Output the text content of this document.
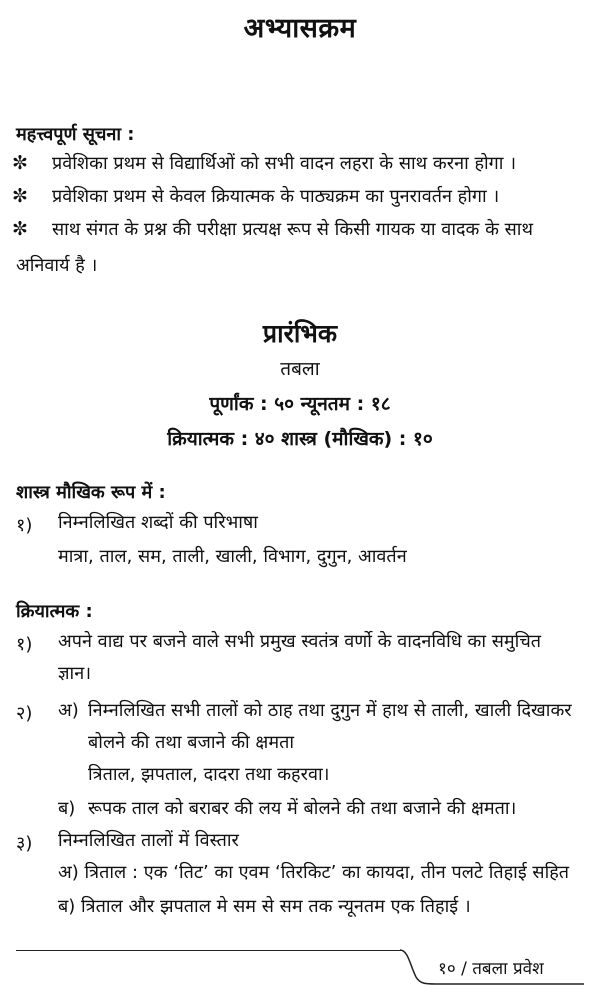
अभ्यासक्रम
महत्त्वपूर्ण सूचना :
✼ प्रवेशिका प्रथम से विद्यार्थिओं को सभी वादन लहरा के साथ करना होगा ।
✼ प्रवेशिका प्रथम से केवल क्रियात्मक के पाठ्यक्रम का पुनरावर्तन होगा ।
✼ साथ संगत के प्रश्न की परीक्षा प्रत्यक्ष रूप से किसी गायक या वादक के साथ
अनिवार्य है ।
प्रारंभिक
तबला
पूर्णांक : ५० न्यूनतम : १८
क्रियात्मक : ४० शास्त्र (मौखिक) : १०
शास्त्र मौखिक रूप में :
१) निम्नलिखित शब्दों की परिभाषा
मात्रा, ताल, सम, ताली, खाली, विभाग, दुगुन, आवर्तन
क्रियात्मक :
१) अपने वाद्य पर बजने वाले सभी प्रमुख स्वतंत्र वर्णो के वादनविधि का समुचित
ज्ञान।
२) अ) निम्नलिखित सभी तालों को ठाह तथा दुगुन में हाथ से ताली, खाली दिखाकर
बोलने की तथा बजाने की क्षमता
त्रिताल, झपताल, दादरा तथा कहरवा।
ब) रूपक ताल को बराबर की लय में बोलने की तथा बजाने की क्षमता।
३) निम्नलिखित तालों में विस्तार
अ) त्रिताल : एक ‘तिट’ का एवम ‘तिरकिट’ का कायदा, तीन पलटे तिहाई सहित
ब) त्रिताल और झपताल मे सम से सम तक न्यूनतम एक तिहाई ।
१० / तबला प्रवेश
